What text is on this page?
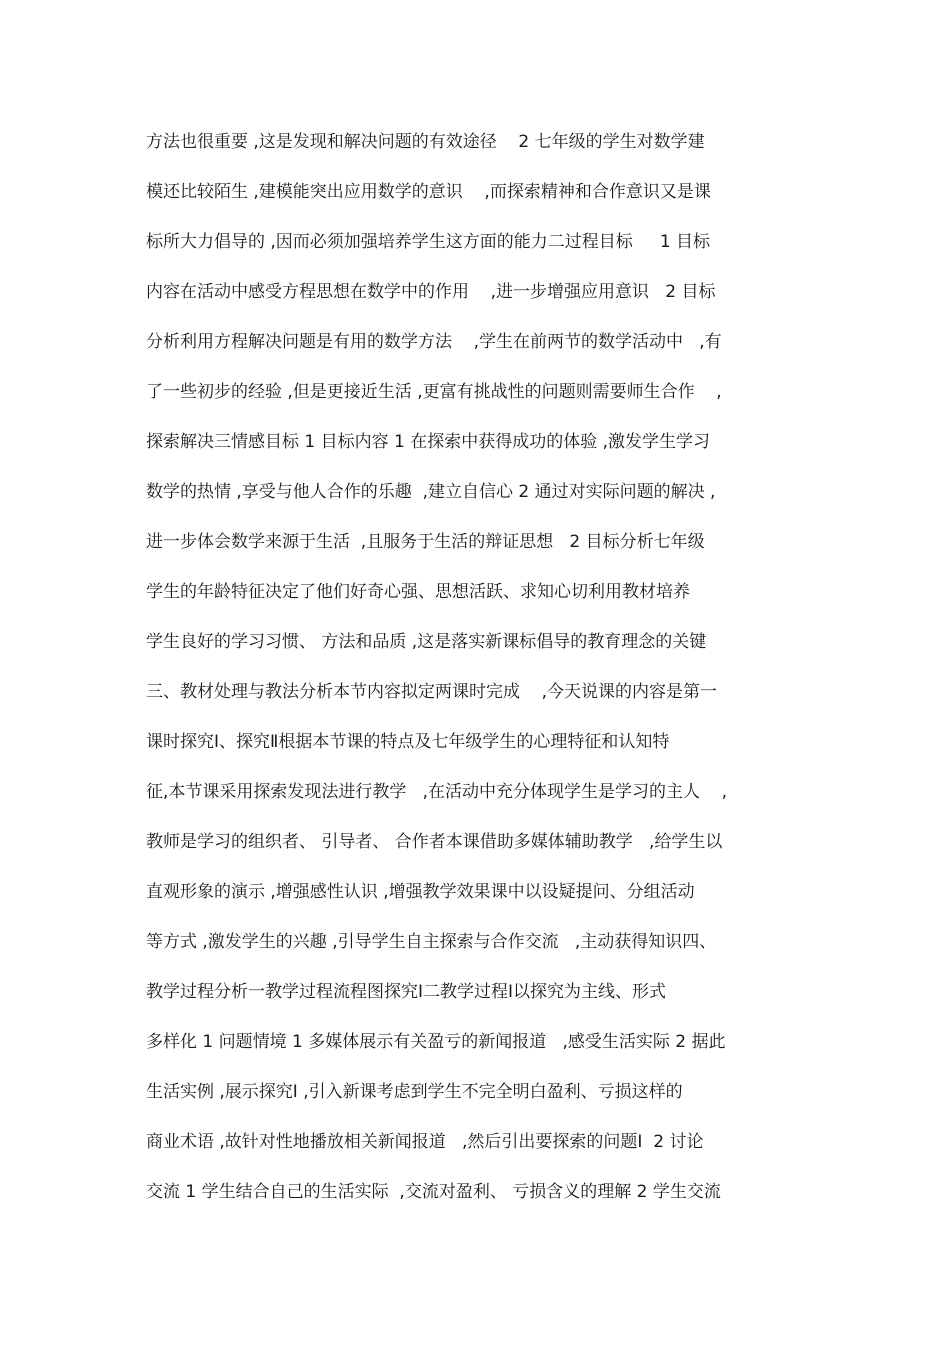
方法也很重要 ,这是发现和解决问题的有效途径    2 七年级的学生对数学建
模还比较陌生 ,建模能突出应用数学的意识    ,而探索精神和合作意识又是课
标所大力倡导的 ,因而必须加强培养学生这方面的能力二过程目标     1 目标
内容在活动中感受方程思想在数学中的作用    ,进一步增强应用意识   2 目标
分析利用方程解决问题是有用的数学方法    ,学生在前两节的数学活动中   ,有
了一些初步的经验 ,但是更接近生活 ,更富有挑战性的问题则需要师生合作    ,
探索解决三情感目标 1 目标内容 1 在探索中获得成功的体验 ,激发学生学习
数学的热情 ,享受与他人合作的乐趣  ,建立自信心 2 通过对实际问题的解决 ,
进一步体会数学来源于生活  ,且服务于生活的辩证思想   2 目标分析七年级
学生的年龄特征决定了他们好奇心强、思想活跃、求知心切利用教材培养
学生良好的学习习惯、 方法和品质 ,这是落实新课标倡导的教育理念的关键
三、教材处理与教法分析本节内容拟定两课时完成    ,今天说课的内容是第一
课时探究Ⅰ、探究Ⅱ根据本节课的特点及七年级学生的心理特征和认知特
征,本节课采用探索发现法进行教学   ,在活动中充分体现学生是学习的主人    ,
教师是学习的组织者、 引导者、 合作者本课借助多媒体辅助教学   ,给学生以
直观形象的演示 ,增强感性认识 ,增强教学效果课中以设疑提问、分组活动
等方式 ,激发学生的兴趣 ,引导学生自主探索与合作交流   ,主动获得知识四、
教学过程分析一教学过程流程图探究Ⅰ二教学过程Ⅰ以探究为主线、形式
多样化 1 问题情境 1 多媒体展示有关盈亏的新闻报道   ,感受生活实际 2 据此
生活实例 ,展示探究Ⅰ ,引入新课考虑到学生不完全明白盈利、亏损这样的
商业术语 ,故针对性地播放相关新闻报道   ,然后引出要探索的问题Ⅰ  2 讨论
交流 1 学生结合自己的生活实际  ,交流对盈利、 亏损含义的理解 2 学生交流
